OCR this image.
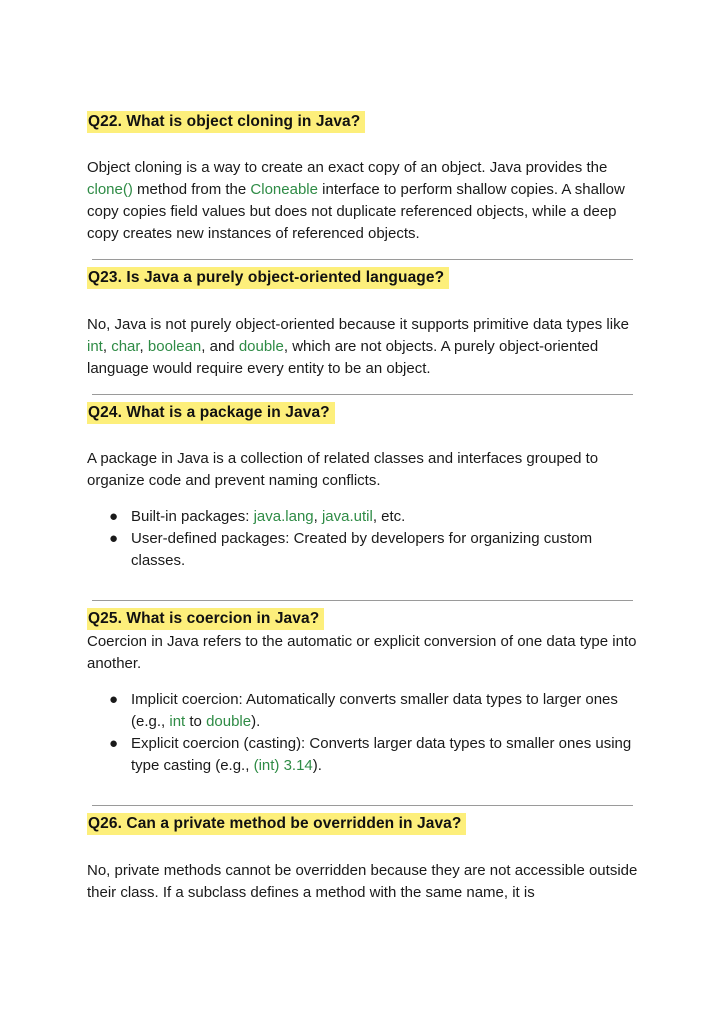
Q22. What is object cloning in Java?

Object cloning is a way to create an exact copy of an object. Java provides the clone() method from the Cloneable interface to perform shallow copies. A shallow copy copies field values but does not duplicate referenced objects, while a deep copy creates new instances of referenced objects.

Q23. Is Java a purely object-oriented language?

No, Java is not purely object-oriented because it supports primitive data types like int, char, boolean, and double, which are not objects. A purely object-oriented language would require every entity to be an object.

Q24. What is a package in Java?

A package in Java is a collection of related classes and interfaces grouped to organize code and prevent naming conflicts.

● Built-in packages: java.lang, java.util, etc.
● User-defined packages: Created by developers for organizing custom classes.
Q25. What is coercion in Java?

Coercion in Java refers to the automatic or explicit conversion of one data type into another.

● Implicit coercion: Automatically converts smaller data types to larger ones (e.g., int to double).
● Explicit coercion (casting): Converts larger data types to smaller ones using type casting (e.g., (int) 3.14).
Q26. Can a private method be overridden in Java?

No, private methods cannot be overridden because they are not accessible outside their class. If a subclass defines a method with the same name, it is
